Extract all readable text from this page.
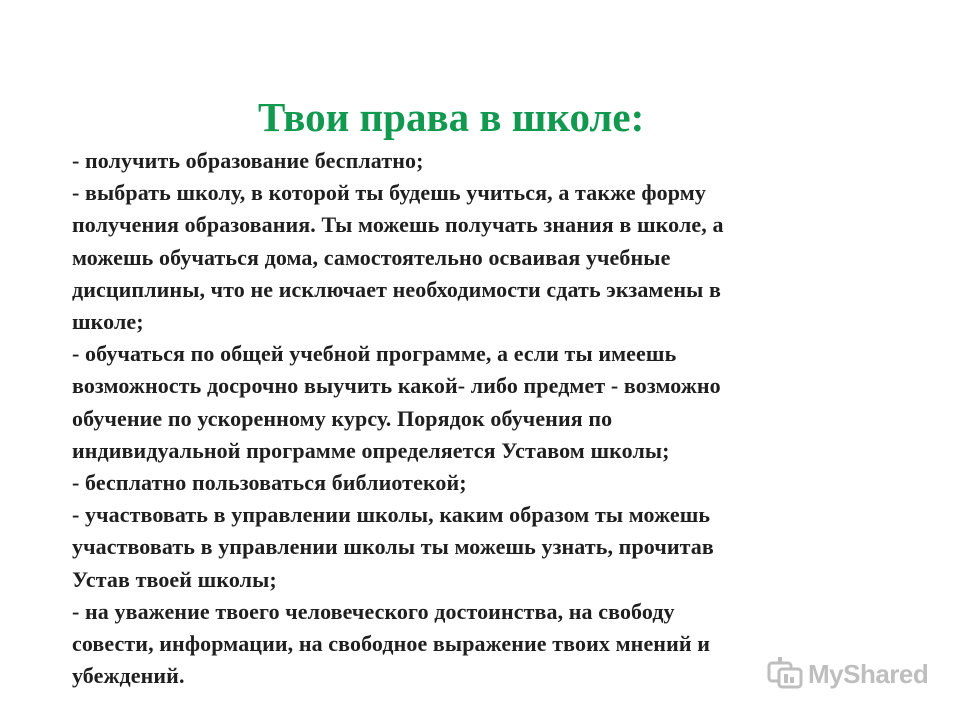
Твои права в школе:
- получить образование бесплатно;
- выбрать школу, в которой ты будешь учиться, а также форму
получения образования. Ты можешь получать знания в школе, а
можешь обучаться дома, самостоятельно осваивая учебные
дисциплины, что не исключает необходимости сдать экзамены в
школе;
- обучаться по общей учебной программе, а если ты имеешь
возможность досрочно выучить какой- либо предмет - возможно
обучение по ускоренному курсу. Порядок обучения по
индивидуальной программе определяется Уставом школы;
- бесплатно пользоваться библиотекой;
- участвовать в управлении школы, каким образом ты можешь
участвовать в управлении школы ты можешь узнать, прочитав
Устав твоей школы;
- на уважение твоего человеческого достоинства, на свободу
совести, информации, на свободное выражение твоих мнений и
убеждений.	MyShared
